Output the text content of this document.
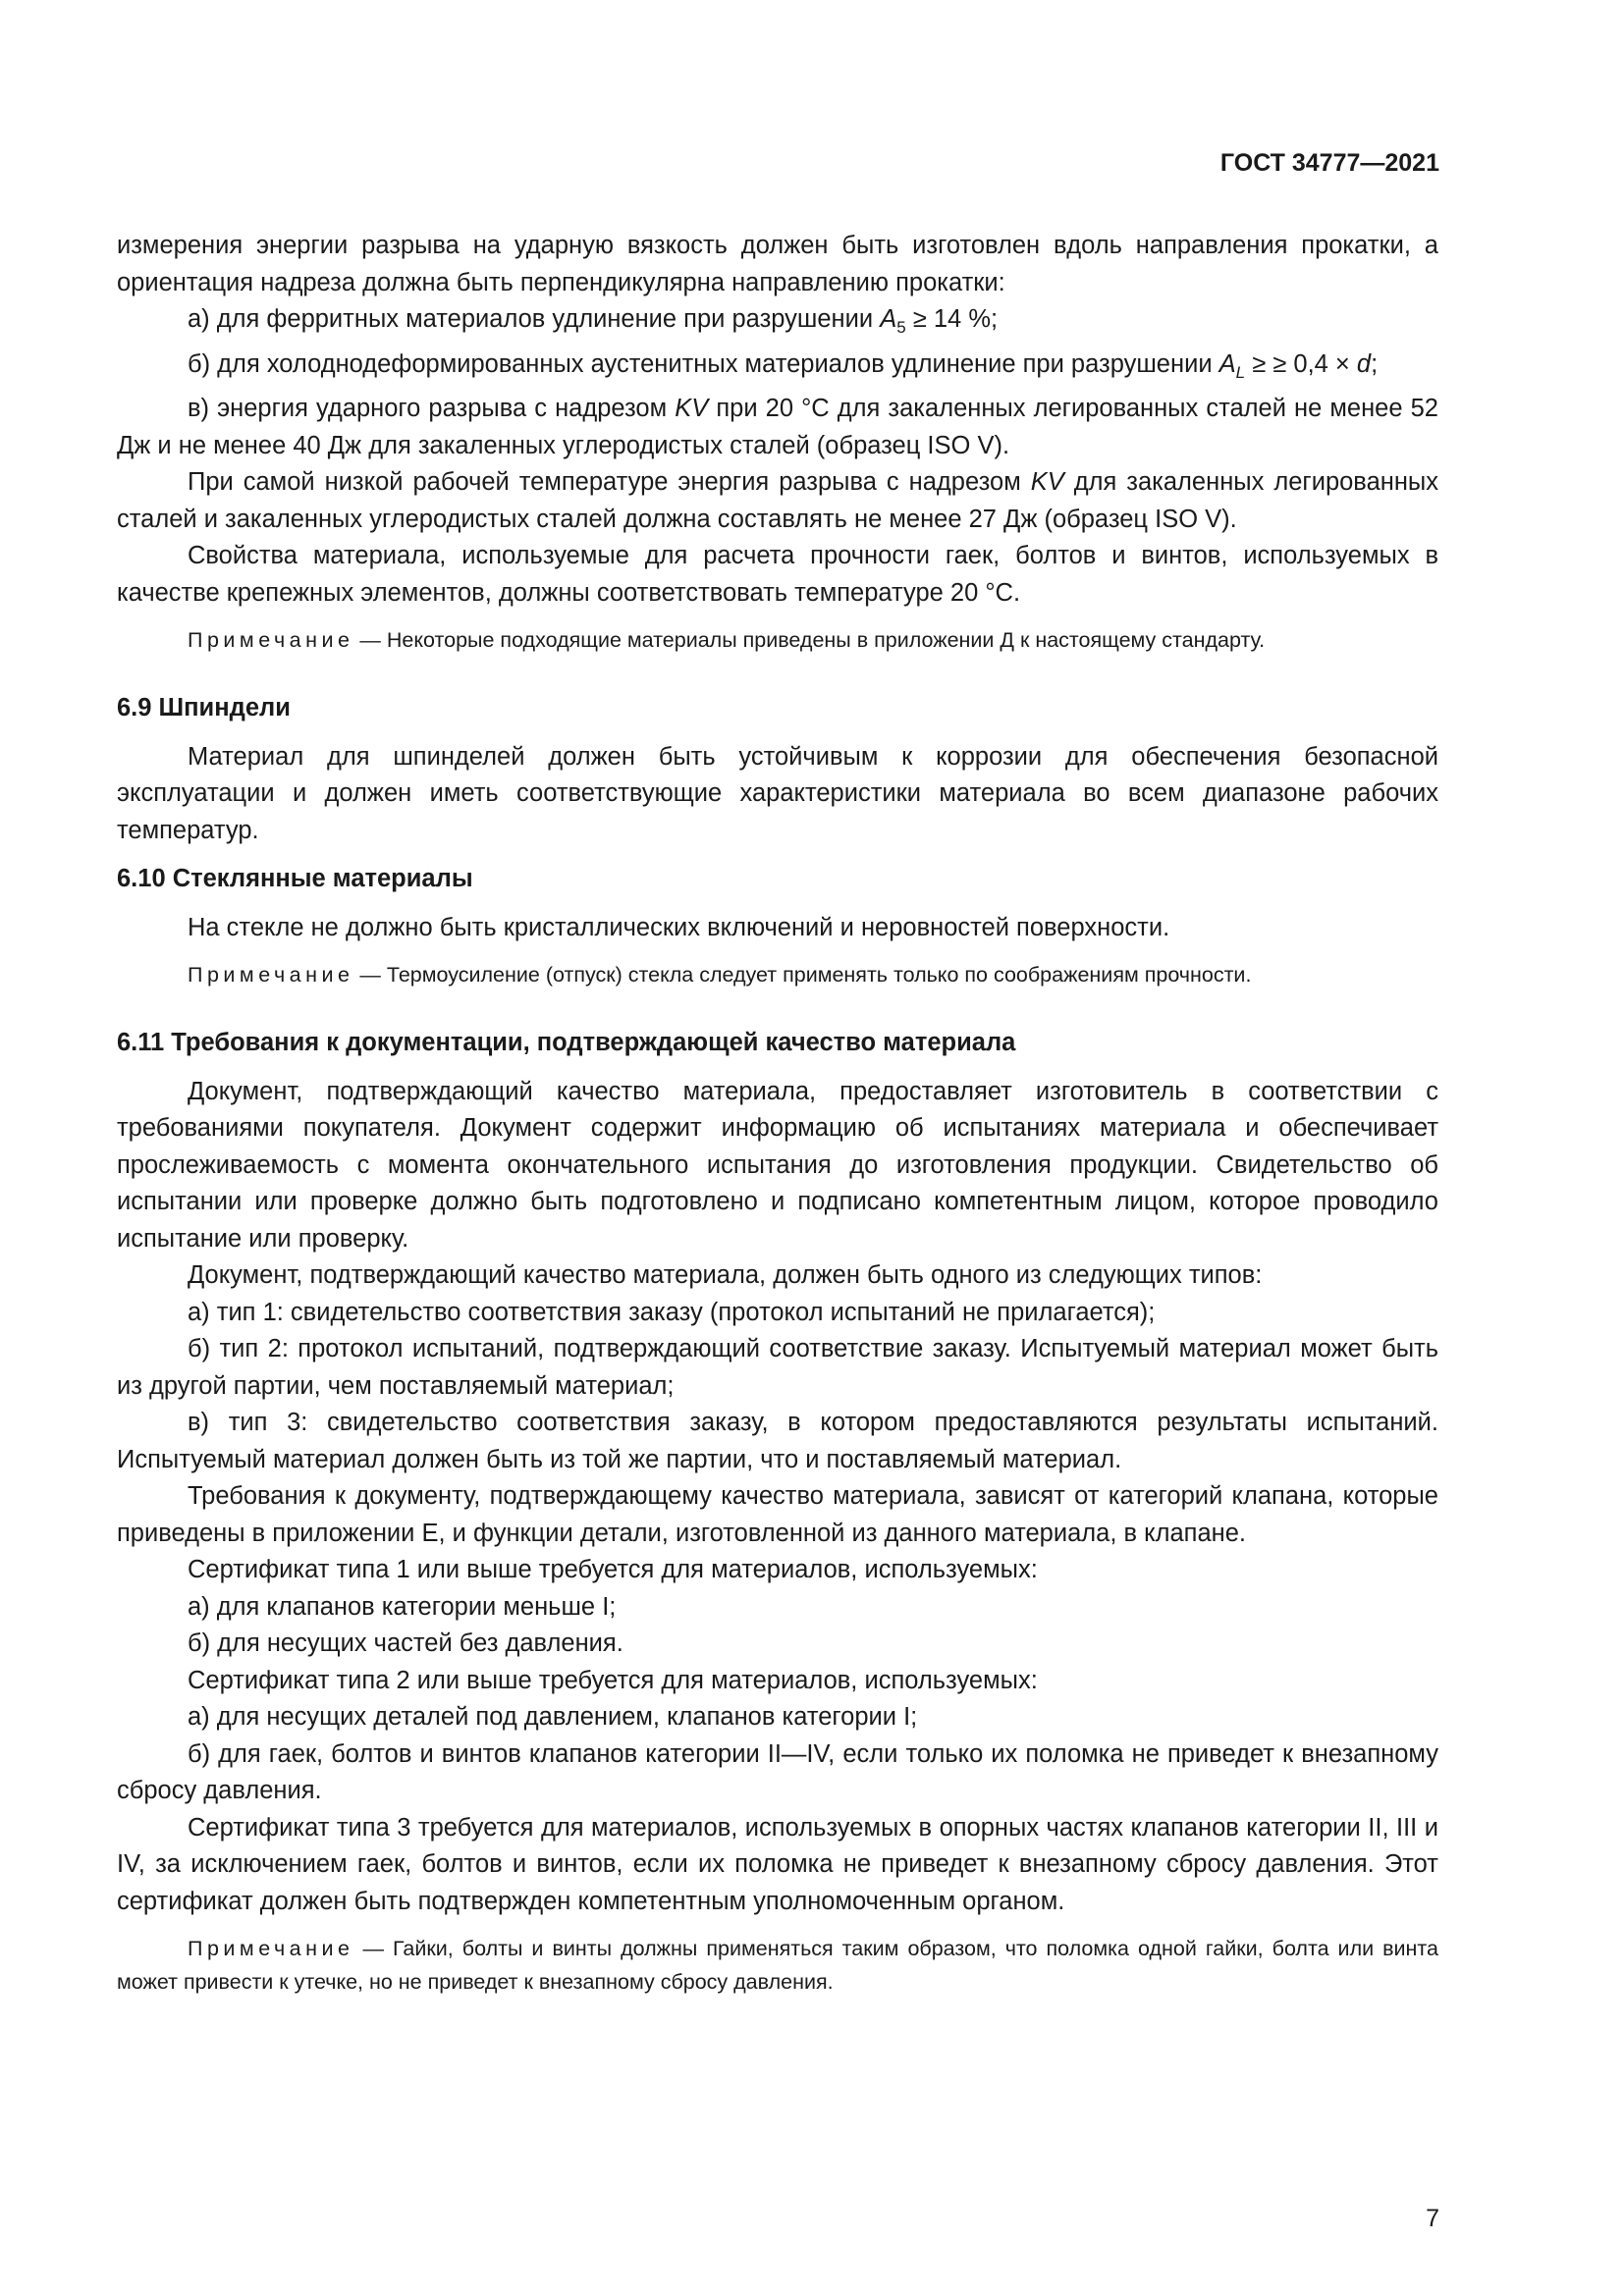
ГОСТ 34777—2021

измерения энергии разрыва на ударную вязкость должен быть изготовлен вдоль направления прокатки, а ориентация надреза должна быть перпендикулярна направлению прокатки:

а) для ферритных материалов удлинение при разрушении $A_5 \ge 14$ %;

б) для холоднодеформированных аустенитных материалов удлинение при разрушении $A_L$ ≥ ≥ 0,4 × d;

в) энергия ударного разрыва с надрезом KV при 20 °С для закаленных легированных сталей не менее 52 Дж и не менее 40 Дж для закаленных углеродистых сталей (образец ISO V).

При самой низкой рабочей температуре энергия разрыва с надрезом KV для закаленных легированных сталей и закаленных углеродистых сталей должна составлять не менее 27 Дж (образец ISO V).

Свойства материала, используемые для расчета прочности гаек, болтов и винтов, используемых в качестве крепежных элементов, должны соответствовать температуре 20 °С.

Примечание — Некоторые подходящие материалы приведены в приложении Д к настоящему стандарту.

6.9 Шпиндели

Материал для шпинделей должен быть устойчивым к коррозии для обеспечения безопасной эксплуатации и должен иметь соответствующие характеристики материала во всем диапазоне рабочих температур.

6.10 Стеклянные материалы

На стекле не должно быть кристаллических включений и неровностей поверхности.

Примечание — Термоусиление (отпуск) стекла следует применять только по соображениям прочности.

6.11 Требования к документации, подтверждающей качество материала

Документ, подтверждающий качество материала, предоставляет изготовитель в соответствии с требованиями покупателя. Документ содержит информацию об испытаниях материала и обеспечивает прослеживаемость с момента окончательного испытания до изготовления продукции. Свидетельство об испытании или проверке должно быть подготовлено и подписано компетентным лицом, которое проводило испытание или проверку.

Документ, подтверждающий качество материала, должен быть одного из следующих типов:

а) тип 1: свидетельство соответствия заказу (протокол испытаний не прилагается);

б) тип 2: протокол испытаний, подтверждающий соответствие заказу. Испытуемый материал может быть из другой партии, чем поставляемый материал;

в) тип 3: свидетельство соответствия заказу, в котором предоставляются результаты испытаний. Испытуемый материал должен быть из той же партии, что и поставляемый материал.

Требования к документу, подтверждающему качество материала, зависят от категорий клапана, которые приведены в приложении Е, и функции детали, изготовленной из данного материала, в клапане.

Сертификат типа 1 или выше требуется для материалов, используемых:

а) для клапанов категории меньше I;

б) для несущих частей без давления.

Сертификат типа 2 или выше требуется для материалов, используемых:

а) для несущих деталей под давлением, клапанов категории I;

б) для гаек, болтов и винтов клапанов категории II—IV, если только их поломка не приведет к внезапному сбросу давления.

Сертификат типа 3 требуется для материалов, используемых в опорных частях клапанов категории II, III и IV, за исключением гаек, болтов и винтов, если их поломка не приведет к внезапному сбросу давления. Этот сертификат должен быть подтвержден компетентным уполномоченным органом.

Примечание — Гайки, болты и винты должны применяться таким образом, что поломка одной гайки, болта или винта может привести к утечке, но не приведет к внезапному сбросу давления.

7
